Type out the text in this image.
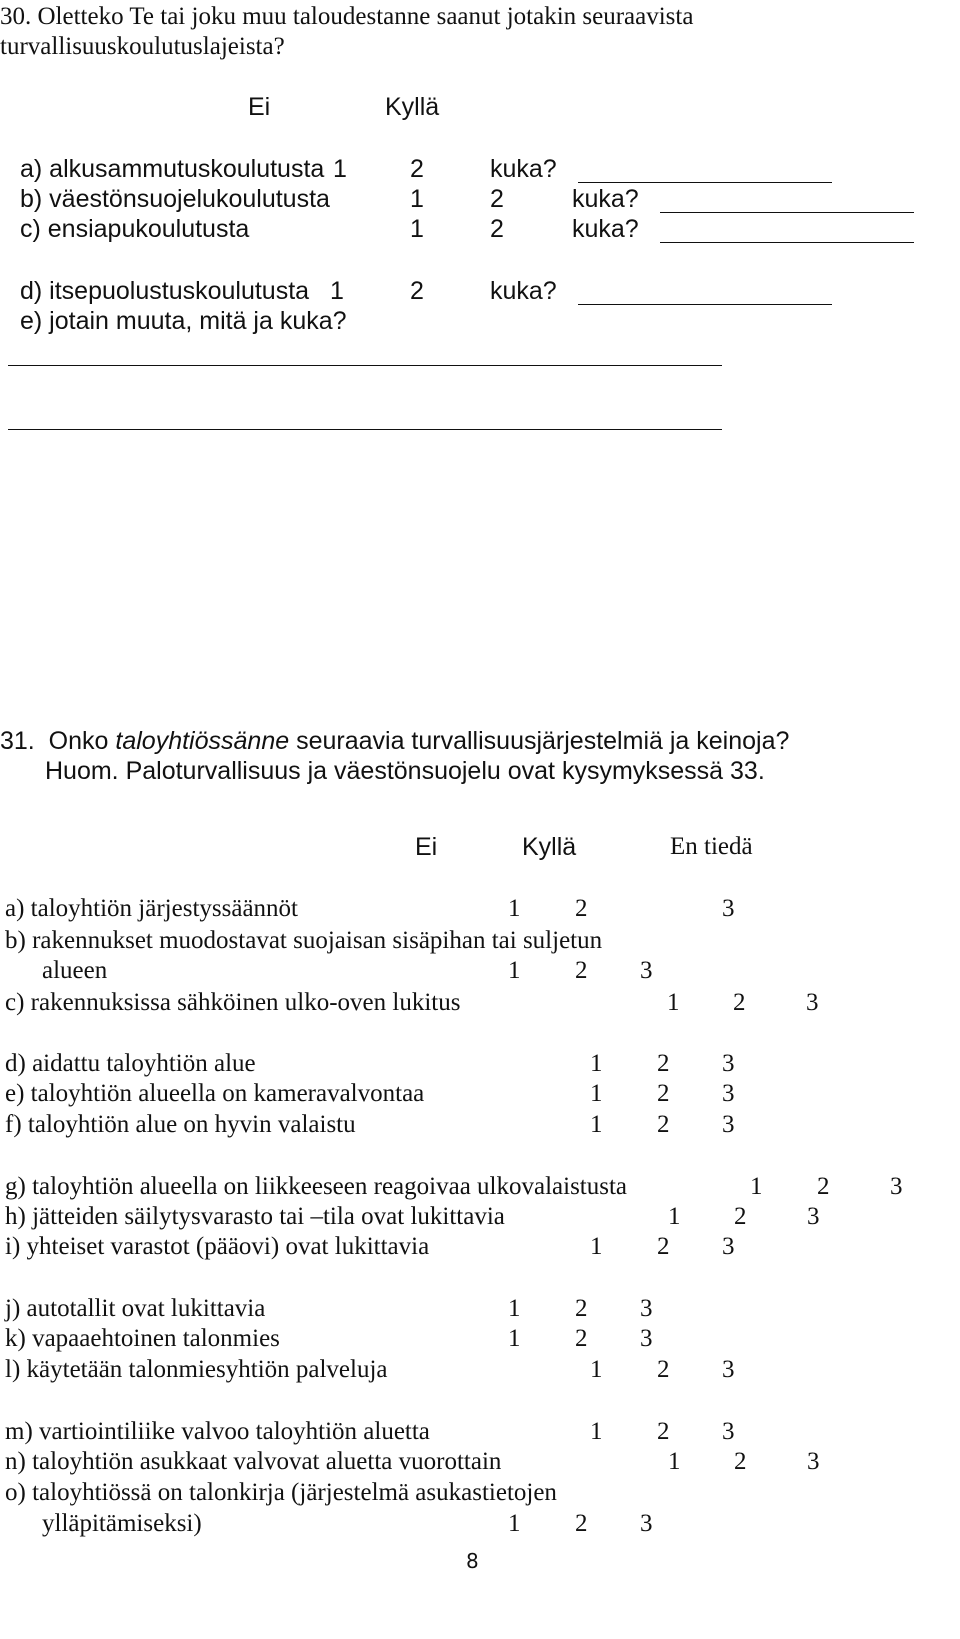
30. Oletteko Te tai joku muu taloudestanne saanut jotakin seuraavista
turvallisuuskoulutuslajeista?
Ei	Kyllä
a) alkusammutuskoulutusta 1	2	kuka?
b) väestönsuojelukoulutusta	1	2	kuka?
c) ensiapukoulutusta	1	2	kuka?
d) itsepuolustuskoulutusta 1	2	kuka?
e) jotain muuta, mitä ja kuka?
31. Onko taloyhtiössänne seuraavia turvallisuusjärjestelmiä ja keinoja?
Huom. Paloturvallisuus ja väestönsuojelu ovat kysymyksessä 33.
Ei	Kyllä	En tiedä
a) taloyhtiön järjestyssäännöt	1 2	3
b) rakennukset muodostavat suojaisan sisäpihan tai suljetun
alueen	1 2 3
c) rakennuksissa sähköinen ulko-oven lukitus	1 2 3
d) aidattu taloyhtiön alue	1 2 3
e) taloyhtiön alueella on kameravalvontaa	1 2 3
f) taloyhtiön alue on hyvin valaistu	1 2 3
g) taloyhtiön alueella on liikkeeseen reagoivaa ulkovalaistusta	1 2 3
h) jätteiden säilytysvarasto tai –tila ovat lukittavia	1 2 3
i) yhteiset varastot (pääovi) ovat lukittavia	1 2 3
j) autotallit ovat lukittavia	1 2 3
k) vapaaehtoinen talonmies	1 2 3
l) käytetään talonmiesyhtiön palveluja	1 2 3
m) vartiointiliike valvoo taloyhtiön aluetta	1 2 3
n) taloyhtiön asukkaat valvovat aluetta vuorottain	1 2 3
o) taloyhtiössä on talonkirja (järjestelmä asukastietojen
ylläpitämiseksi)	1 2 3
8
